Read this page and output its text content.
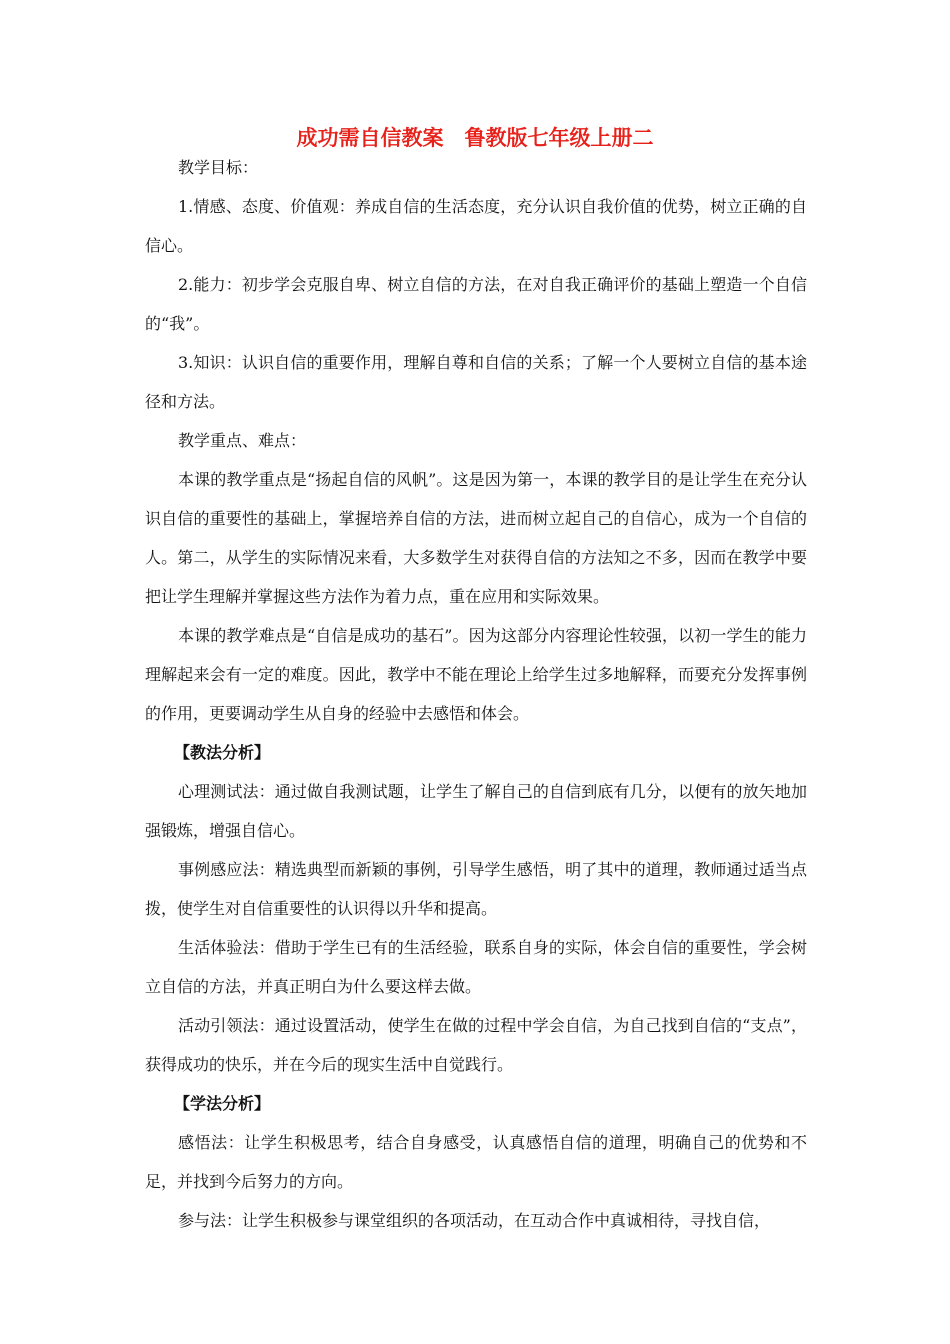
成功需自信教案　鲁教版七年级上册二

教学目标：

1.情感、态度、价值观：养成自信的生活态度，充分认识自我价值的优势，树立正确的自信心。

2.能力：初步学会克服自卑、树立自信的方法，在对自我正确评价的基础上塑造一个自信的“我”。

3.知识：认识自信的重要作用，理解自尊和自信的关系；了解一个人要树立自信的基本途径和方法。

教学重点、难点：

本课的教学重点是“扬起自信的风帆”。这是因为第一，本课的教学目的是让学生在充分认识自信的重要性的基础上，掌握培养自信的方法，进而树立起自己的自信心，成为一个自信的人。第二，从学生的实际情况来看，大多数学生对获得自信的方法知之不多，因而在教学中要把让学生理解并掌握这些方法作为着力点，重在应用和实际效果。

本课的教学难点是“自信是成功的基石”。因为这部分内容理论性较强，以初一学生的能力理解起来会有一定的难度。因此，教学中不能在理论上给学生过多地解释，而要充分发挥事例的作用，更要调动学生从自身的经验中去感悟和体会。

【教法分析】

心理测试法：通过做自我测试题，让学生了解自己的自信到底有几分，以便有的放矢地加强锻炼，增强自信心。

事例感应法：精选典型而新颖的事例，引导学生感悟，明了其中的道理，教师通过适当点拨，使学生对自信重要性的认识得以升华和提高。

生活体验法：借助于学生已有的生活经验，联系自身的实际，体会自信的重要性，学会树立自信的方法，并真正明白为什么要这样去做。

活动引领法：通过设置活动，使学生在做的过程中学会自信，为自己找到自信的“支点”，获得成功的快乐，并在今后的现实生活中自觉践行。

【学法分析】

感悟法：让学生积极思考，结合自身感受，认真感悟自信的道理，明确自己的优势和不足，并找到今后努力的方向。

参与法：让学生积极参与课堂组织的各项活动，在互动合作中真诚相待，寻找自信，
